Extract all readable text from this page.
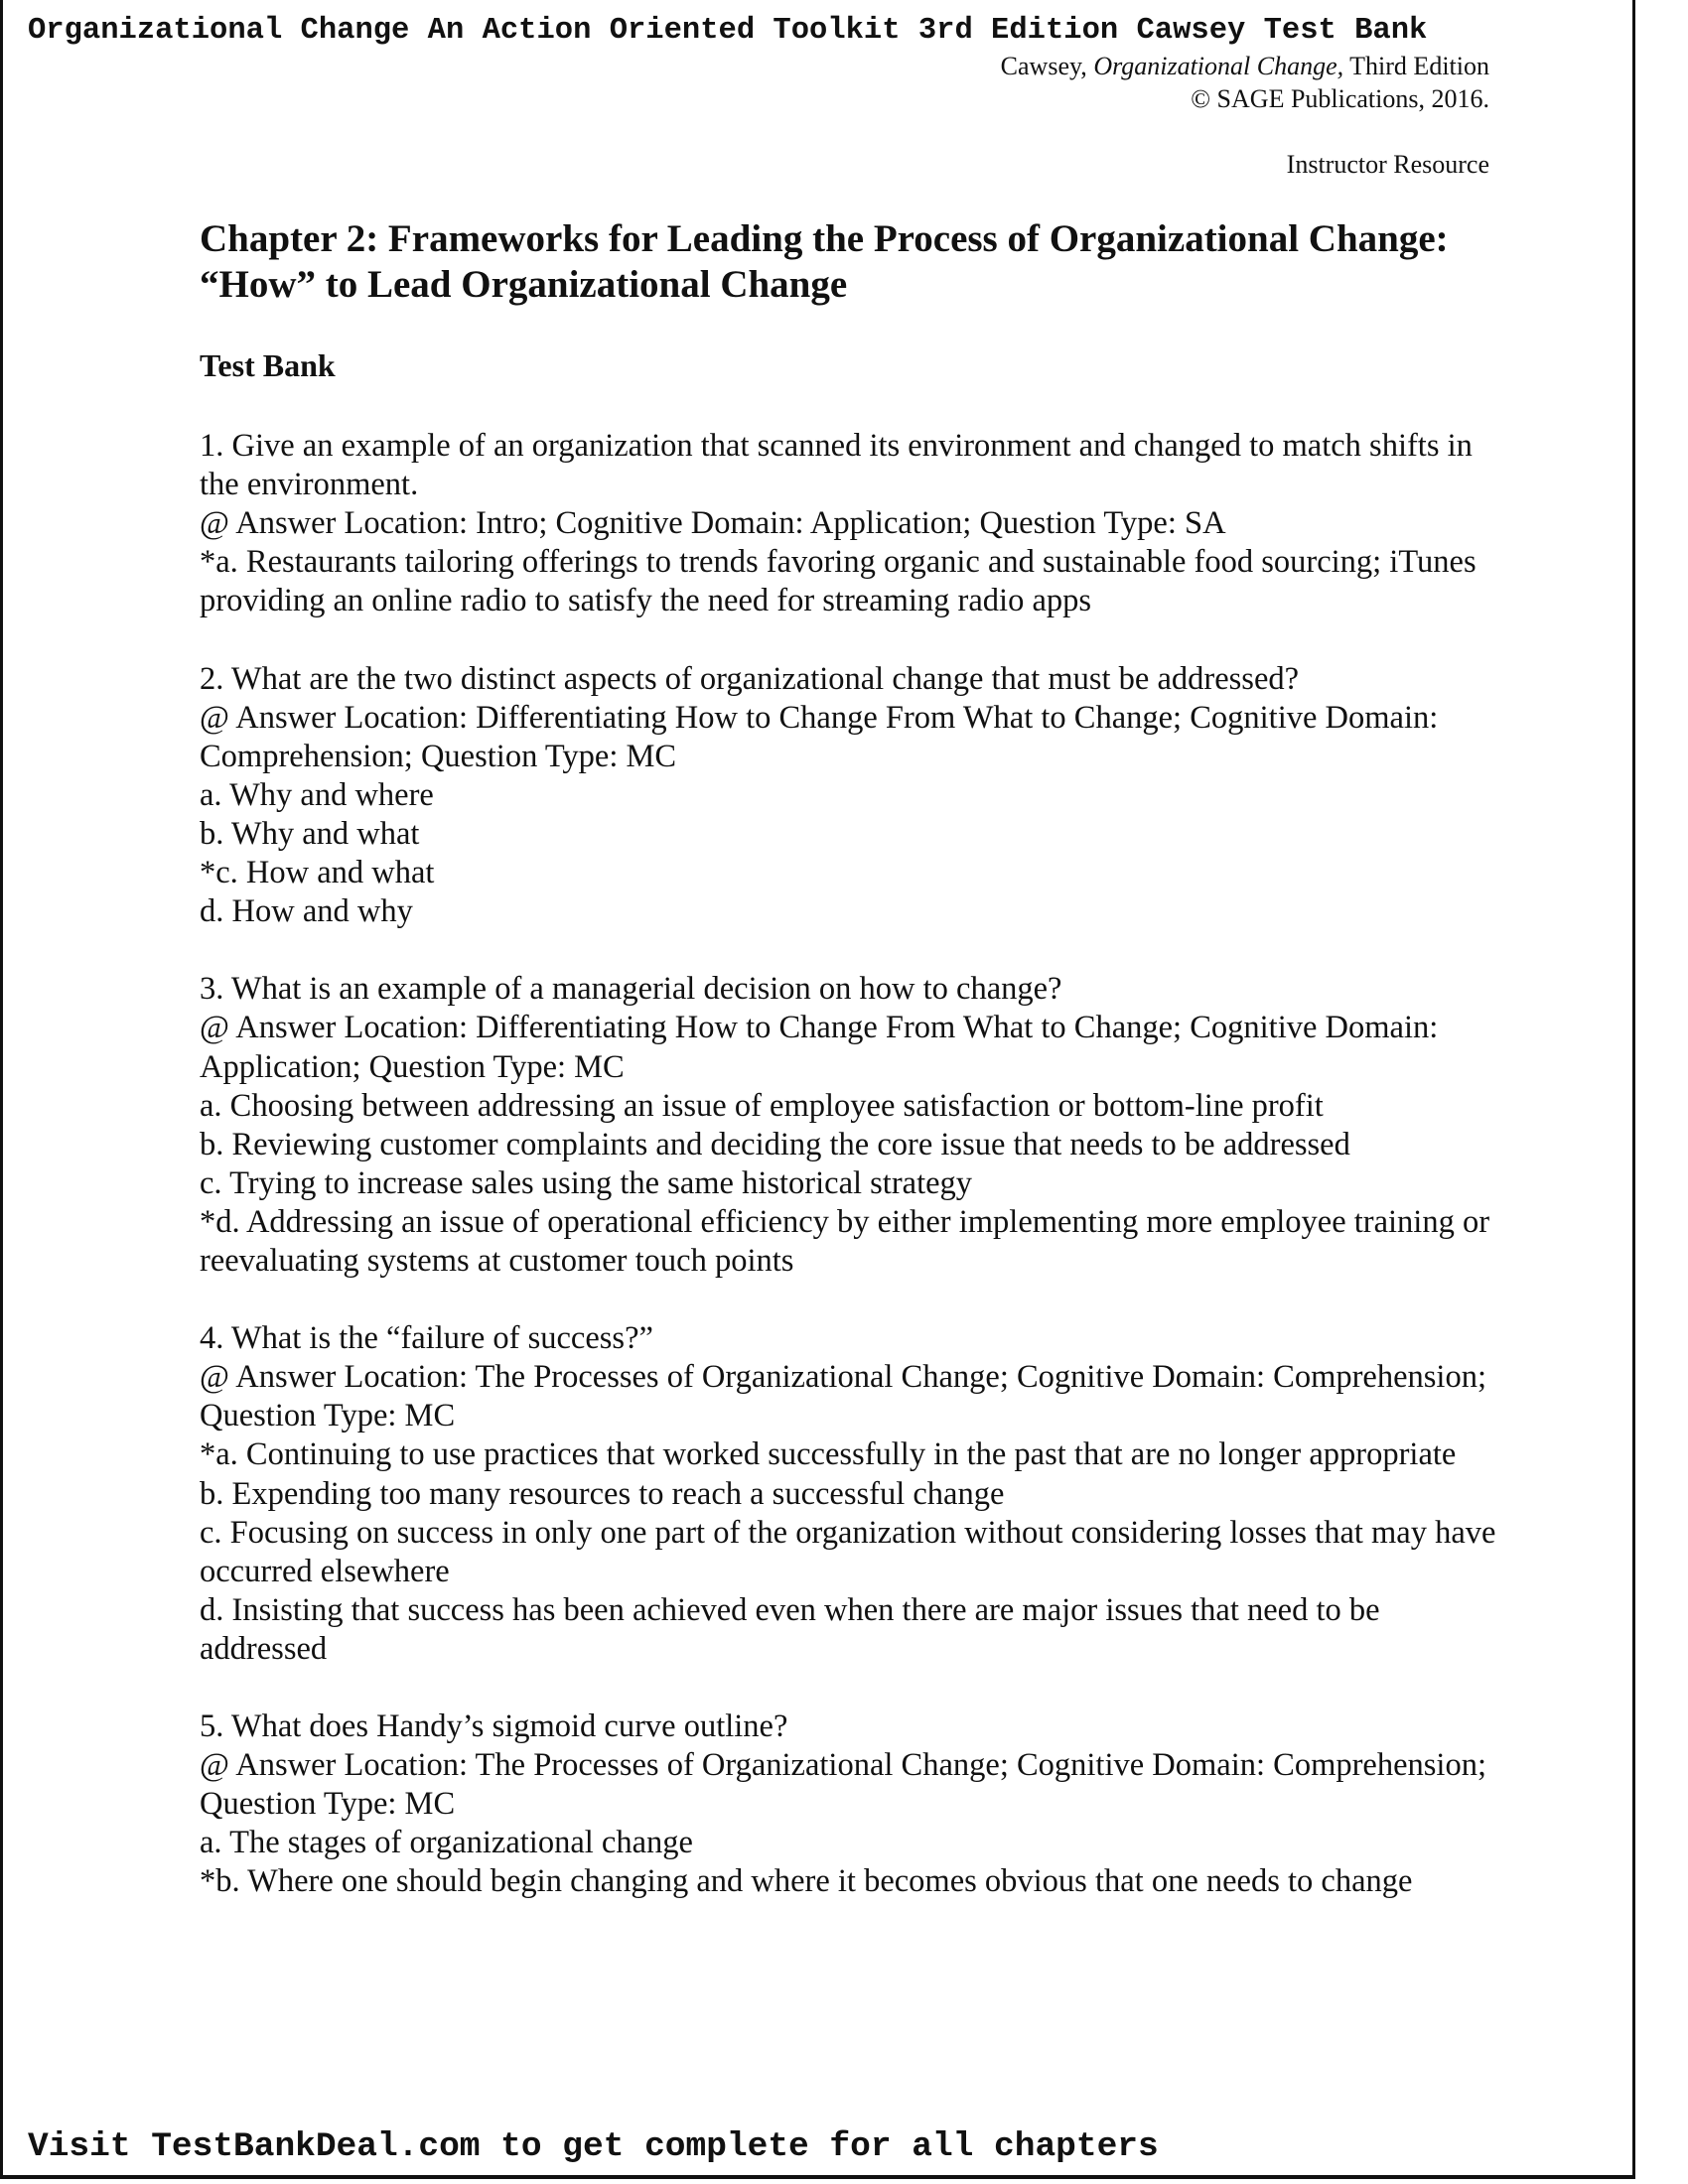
Organizational Change An Action Oriented Toolkit 3rd Edition Cawsey Test Bank
Cawsey, Organizational Change, Third Edition
© SAGE Publications, 2016.
Instructor Resource
Chapter 2: Frameworks for Leading the Process of Organizational Change: “How” to Lead Organizational Change
Test Bank
1. Give an example of an organization that scanned its environment and changed to match shifts in the environment.
@ Answer Location: Intro; Cognitive Domain: Application; Question Type: SA
*a. Restaurants tailoring offerings to trends favoring organic and sustainable food sourcing; iTunes providing an online radio to satisfy the need for streaming radio apps
2. What are the two distinct aspects of organizational change that must be addressed?
@ Answer Location: Differentiating How to Change From What to Change; Cognitive Domain: Comprehension; Question Type: MC
a. Why and where
b. Why and what
*c. How and what
d. How and why
3. What is an example of a managerial decision on how to change?
@ Answer Location: Differentiating How to Change From What to Change; Cognitive Domain: Application; Question Type: MC
a. Choosing between addressing an issue of employee satisfaction or bottom-line profit
b. Reviewing customer complaints and deciding the core issue that needs to be addressed
c. Trying to increase sales using the same historical strategy
*d. Addressing an issue of operational efficiency by either implementing more employee training or reevaluating systems at customer touch points
4. What is the “failure of success?”
@ Answer Location: The Processes of Organizational Change; Cognitive Domain: Comprehension; Question Type: MC
*a. Continuing to use practices that worked successfully in the past that are no longer appropriate
b. Expending too many resources to reach a successful change
c. Focusing on success in only one part of the organization without considering losses that may have occurred elsewhere
d. Insisting that success has been achieved even when there are major issues that need to be addressed
5. What does Handy’s sigmoid curve outline?
@ Answer Location: The Processes of Organizational Change; Cognitive Domain: Comprehension; Question Type: MC
a. The stages of organizational change
*b. Where one should begin changing and where it becomes obvious that one needs to change
Visit TestBankDeal.com to get complete for all chapters
